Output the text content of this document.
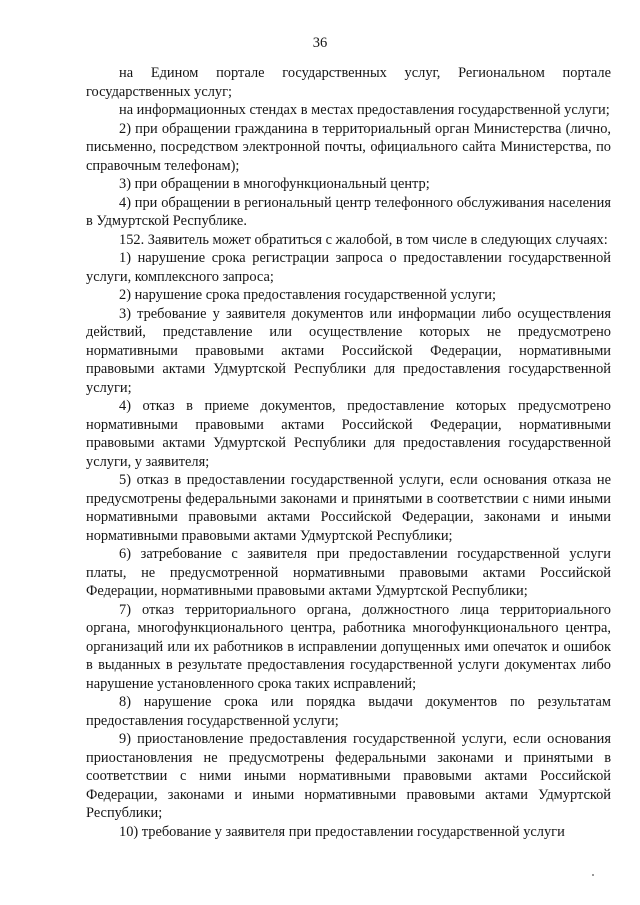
36

на Едином портале государственных услуг, Региональном портале государственных услуг;

на информационных стендах в местах предоставления государственной услуги;

2) при обращении гражданина в территориальный орган Министерства (лично, письменно, посредством электронной почты, официального сайта Министерства, по справочным телефонам);

3) при обращении в многофункциональный центр;

4) при обращении в региональный центр телефонного обслуживания населения в Удмуртской Республике.

152. Заявитель может обратиться с жалобой, в том числе в следующих случаях:

1) нарушение срока регистрации запроса о предоставлении государственной услуги, комплексного запроса;

2) нарушение срока предоставления государственной услуги;

3) требование у заявителя документов или информации либо осуществления действий, представление или осуществление которых не предусмотрено нормативными правовыми актами Российской Федерации, нормативными правовыми актами Удмуртской Республики для предоставления государственной услуги;

4) отказ в приеме документов, предоставление которых предусмотрено нормативными правовыми актами Российской Федерации, нормативными правовыми актами Удмуртской Республики для предоставления государственной услуги, у заявителя;

5) отказ в предоставлении государственной услуги, если основания отказа не предусмотрены федеральными законами и принятыми в соответствии с ними иными нормативными правовыми актами Российской Федерации, законами и иными нормативными правовыми актами Удмуртской Республики;

6) затребование с заявителя при предоставлении государственной услуги платы, не предусмотренной нормативными правовыми актами Российской Федерации, нормативными правовыми актами Удмуртской Республики;

7) отказ территориального органа, должностного лица территориального органа, многофункционального центра, работника многофункционального центра, организаций или их работников в исправлении допущенных ими опечаток и ошибок в выданных в результате предоставления государственной услуги документах либо нарушение установленного срока таких исправлений;

8) нарушение срока или порядка выдачи документов по результатам предоставления государственной услуги;

9) приостановление предоставления государственной услуги, если основания приостановления не предусмотрены федеральными законами и принятыми в соответствии с ними иными нормативными правовыми актами Российской Федерации, законами и иными нормативными правовыми актами Удмуртской Республики;

10) требование у заявителя при предоставлении государственной услуги
